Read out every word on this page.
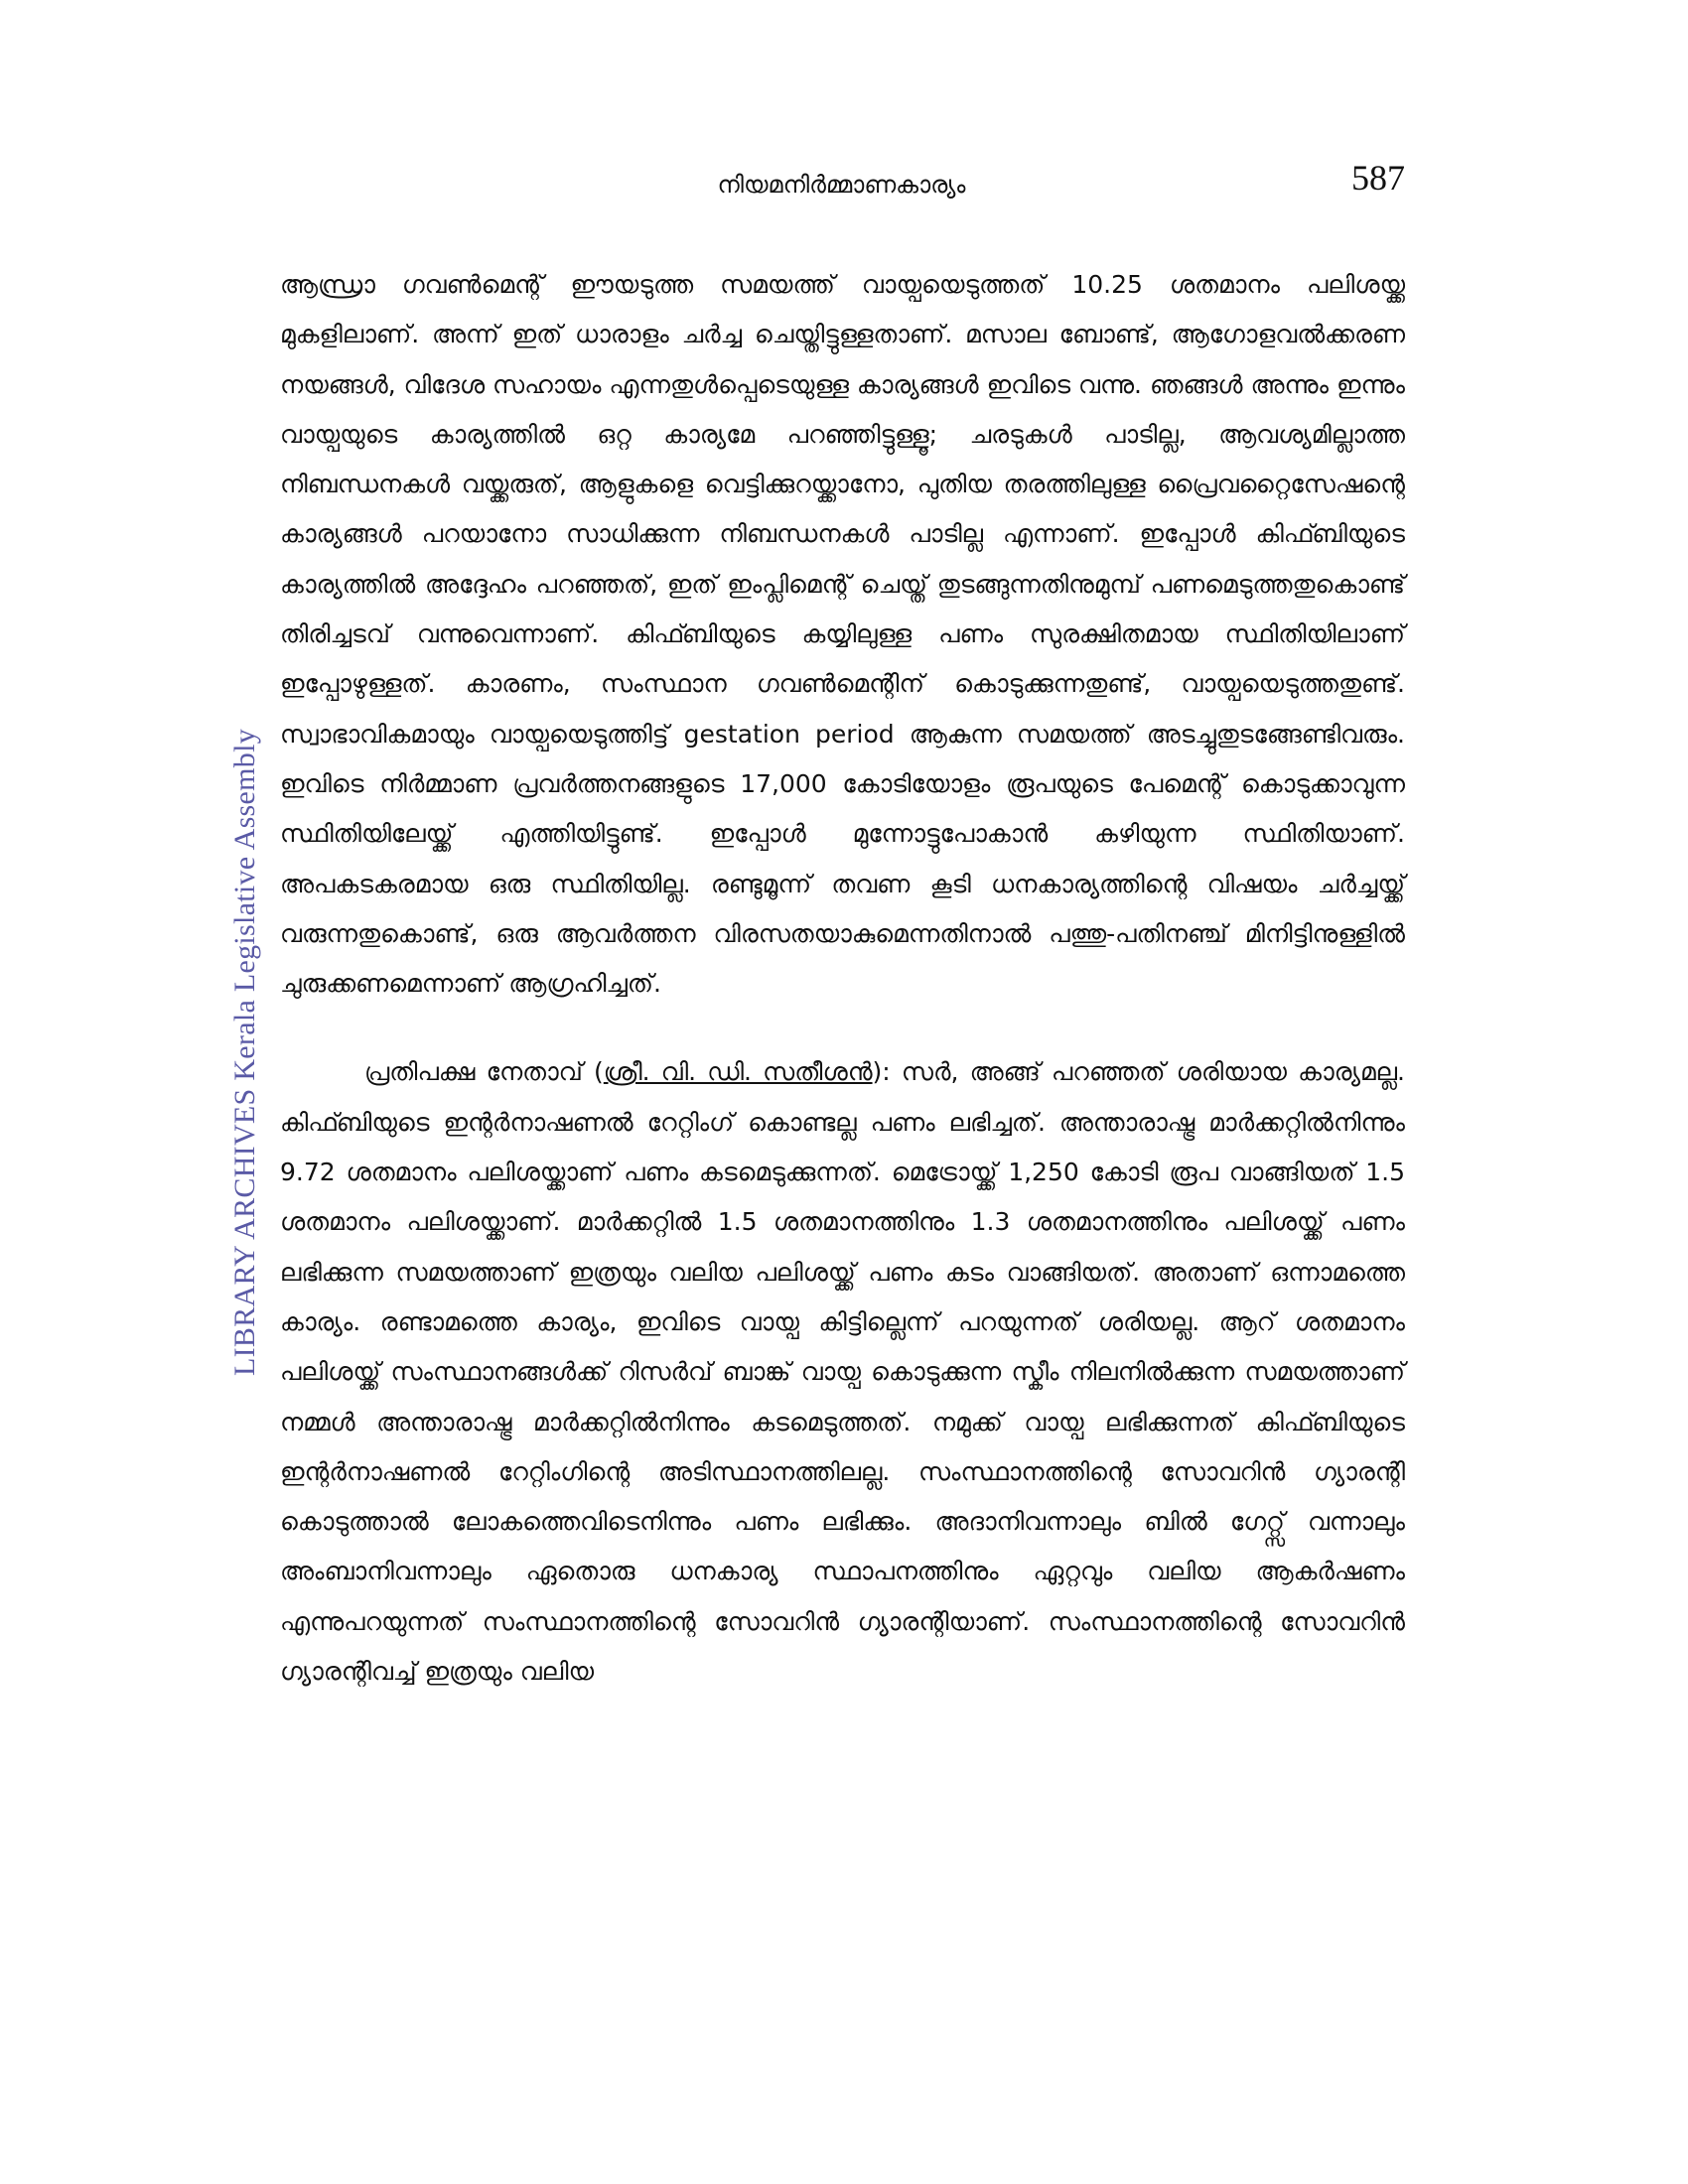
നിയമനിർമ്മാണകാര്യം	587
LIBRARY ARCHIVES Kerala Legislative Assembly

ആന്ധ്രാ ഗവൺമെന്റ് ഈയടുത്ത സമയത്ത് വായ്പയെടുത്തത് 10.25 ശതമാനം പലിശയ്ക്ക മുകളിലാണ്. അന്ന് ഇത് ധാരാളം ചർച്ച ചെയ്തിട്ടുള്ളതാണ്. മസാല ബോണ്ട്, ആഗോളവൽക്കരണ നയങ്ങൾ, വിദേശ സഹായം എന്നതുൾപ്പെടെയുള്ള കാര്യങ്ങൾ ഇവിടെ വന്നു. ഞങ്ങൾ അന്നും ഇന്നും വായ്പയുടെ കാര്യത്തിൽ ഒറ്റ കാര്യമേ പറഞ്ഞിട്ടുള്ളൂ; ചരടുകൾ പാടില്ല, ആവശ്യമില്ലാത്ത നിബന്ധനകൾ വയ്ക്കരുത്, ആളുകളെ വെട്ടിക്കുറയ്ക്കാനോ, പുതിയ തരത്തിലുള്ള പ്രൈവറ്റൈസേഷന്റെ കാര്യങ്ങൾ പറയാനോ സാധിക്കുന്ന നിബന്ധനകൾ പാടില്ല എന്നാണ്. ഇപ്പോൾ കിഫ്ബിയുടെ കാര്യത്തിൽ അദ്ദേഹം പറഞ്ഞത്, ഇത് ഇംപ്ലിമെന്റ് ചെയ്ത് തുടങ്ങുന്നതിനുമുമ്പ് പണമെടുത്തതുകൊണ്ട് തിരിച്ചടവ് വന്നുവെന്നാണ്. കിഫ്ബിയുടെ കയ്യിലുള്ള പണം സുരക്ഷിതമായ സ്ഥിതിയിലാണ് ഇപ്പോഴുള്ളത്. കാരണം, സംസ്ഥാന ഗവൺമെന്റിന് കൊടുക്കുന്നതുണ്ട്, വായ്പയെടുത്തതുണ്ട്. സ്വാഭാവികമായും വായ്പയെടുത്തിട്ട് gestation period ആകുന്ന സമയത്ത് അടച്ചുതുടങ്ങേണ്ടിവരും. ഇവിടെ നിർമ്മാണ പ്രവർത്തനങ്ങളുടെ 17,000 കോടിയോളം രൂപയുടെ പേമെന്റ് കൊടുക്കാവുന്ന സ്ഥിതിയിലേയ്ക്ക് എത്തിയിട്ടുണ്ട്. ഇപ്പോൾ മുന്നോട്ടുപോകാൻ കഴിയുന്ന സ്ഥിതിയാണ്. അപകടകരമായ ഒരു സ്ഥിതിയില്ല. രണ്ടുമൂന്ന് തവണ കൂടി ധനകാര്യത്തിന്റെ വിഷയം ചർച്ചയ്ക്ക് വരുന്നതുകൊണ്ട്, ഒരു ആവർത്തന വിരസതയാകുമെന്നതിനാൽ പത്തു-പതിനഞ്ച് മിനിട്ടിനുള്ളിൽ ചുരുക്കണമെന്നാണ് ആഗ്രഹിച്ചത്.

പ്രതിപക്ഷ നേതാവ് (ശ്രീ. വി. ഡി. സതീശൻ): സർ, അങ്ങ് പറഞ്ഞത് ശരിയായ കാര്യമല്ല. കിഫ്ബിയുടെ ഇന്റർനാഷണൽ റേറ്റിംഗ് കൊണ്ടല്ല പണം ലഭിച്ചത്. അന്താരാഷ്ട്ര മാർക്കറ്റിൽനിന്നും 9.72 ശതമാനം പലിശയ്ക്കാണ് പണം കടമെടുക്കുന്നത്. മെട്രോയ്ക്ക് 1,250 കോടി രൂപ വാങ്ങിയത് 1.5 ശതമാനം പലിശയ്ക്കാണ്. മാർക്കറ്റിൽ 1.5 ശതമാനത്തിനും 1.3 ശതമാനത്തിനും പലിശയ്ക്ക് പണം ലഭിക്കുന്ന സമയത്താണ് ഇത്രയും വലിയ പലിശയ്ക്ക് പണം കടം വാങ്ങിയത്. അതാണ് ഒന്നാമത്തെ കാര്യം. രണ്ടാമത്തെ കാര്യം, ഇവിടെ വായ്പ കിട്ടില്ലെന്ന് പറയുന്നത് ശരിയല്ല. ആറ് ശതമാനം പലിശയ്ക്ക് സംസ്ഥാനങ്ങൾക്ക് റിസർവ് ബാങ്ക് വായ്പ കൊടുക്കുന്ന സ്കീം നിലനിൽക്കുന്ന സമയത്താണ് നമ്മൾ അന്താരാഷ്ട്ര മാർക്കറ്റിൽനിന്നും കടമെടുത്തത്. നമുക്ക് വായ്പ ലഭിക്കുന്നത് കിഫ്ബിയുടെ ഇന്റർനാഷണൽ റേറ്റിംഗിന്റെ അടിസ്ഥാനത്തിലല്ല. സംസ്ഥാനത്തിന്റെ സോവറിൻ ഗ്യാരന്റി കൊടുത്താൽ ലോകത്തെവിടെനിന്നും പണം ലഭിക്കും. അദാനിവന്നാലും ബിൽ ഗേറ്റ്സ് വന്നാലും അംബാനിവന്നാലും ഏതൊരു ധനകാര്യ സ്ഥാപനത്തിനും ഏറ്റവും വലിയ ആകർഷണം എന്നുപറയുന്നത് സംസ്ഥാനത്തിന്റെ സോവറിൻ ഗ്യാരന്റിയാണ്. സംസ്ഥാനത്തിന്റെ സോവറിൻ ഗ്യാരന്റിവച്ച് ഇത്രയും വലിയ
